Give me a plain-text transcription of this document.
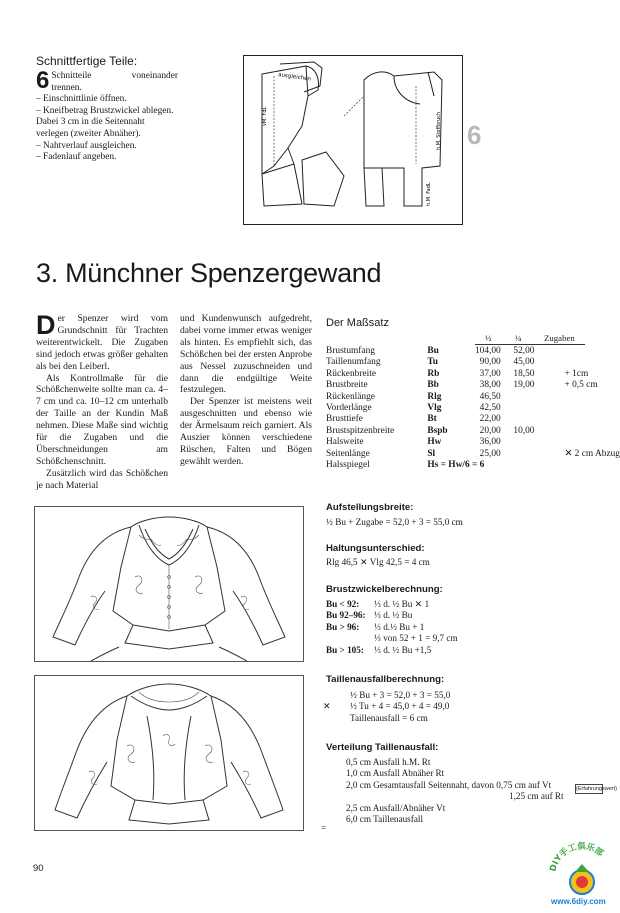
Schnittfertige Teile:
6 Schnitteile voneinander
trennen.
– Einschnittlinie öffnen.
– Kneifbetrag Brustzwickel ablegen. Dabei 3 cm in die Seitennaht verlegen (zweiter Abnäher).
– Nahtverlauf ausgleichen.
– Fadenlauf angeben.
ausgleichen
vM. FdL	h.M. Stoffbruch
h.M. FadL
6
3. Münchner Spenzergewand
D er Spenzer wird vom Grundschnitt für Trachten weiterentwickelt. Die Zugaben sind jedoch etwas größer gehalten als bei den Leiberl.

Als Kontrollmaße für die Schößchenweite sollte man ca. 4–7 cm und ca. 10–12 cm unterhalb der Taille an der Kundin Maß nehmen. Diese Maße sind wichtig für die Zugaben und die Überschneidungen am Schößchenschnitt.

Zusätzlich wird das Schößchen je nach Material

und Kundenwunsch aufgedreht, dabei vorne immer etwas weniger als hinten. Es empfiehlt sich, das Schößchen bei der ersten Anprobe aus Nessel zuzuschneiden und dann die endgültige Weite festzulegen.

Der Spenzer ist meistens weit ausgeschnitten und ebenso wie der Ärmelsaum reich garniert. Als Auszier können verschiedene Rüschen, Falten und Bögen gewählt werden.

Der Maßsatz
½	¼	Zugaben
Brustumfang	Bu	104,00	52,00	
Taillenumfang	Tu	90,00	45,00	
Rückenbreite	Rb	37,00	18,50	+ 1cm
Brustbreite	Bb	38,00	19,00	+ 0,5 cm
Rückenlänge	Rlg	46,50		
Vorderlänge	Vlg	42,50		
Brusttiefe	Bt	22,00		
Brustspitzenbreite	Bspb	20,00	10,00	
Halsweite	Hw	36,00		
Seitenlänge	Sl	25,00		✕ 2 cm Abzug
Halsspiegel	Hs = Hw/6 = 6			
Aufstellungsbreite:
½ Bu + Zugabe = 52,0 + 3 = 55,0 cm
Haltungsunterschied:
Rlg 46,5 ✕ Vlg 42,5 = 4 cm
Brustzwickelberechnung:
Bu < 92:	⅓ d. ½ Bu ✕ 1
Bu 92–96:	⅓ d. ½ Bu
Bu > 96:	⅓ d.½ Bu + 1
	⅓ von 52 + 1 = 9,7 cm
Bu > 105:	⅓ d. ½ Bu +1,5
Taillenausfallberechnung:
½ Bu + 3 = 52,0 + 3 = 55,0
½ Tu + 4 = 45,0 + 4 = 49,0
Taillenausfall = 6 cm
✕
Verteilung Taillenausfall:
0,5 cm Ausfall h.M. Rt
1,0 cm Ausfall Abnäher Rt
2,0 cm Gesamtausfall Seitennaht, davon 0,75 cm auf Vt
1,25 cm auf Rt
2,5 cm Ausfall/Abnäher Vt
6,0 cm Taillenausfall
=
(Erfahrungswert)
90	DIY手工俱乐部
www.6diy.com
